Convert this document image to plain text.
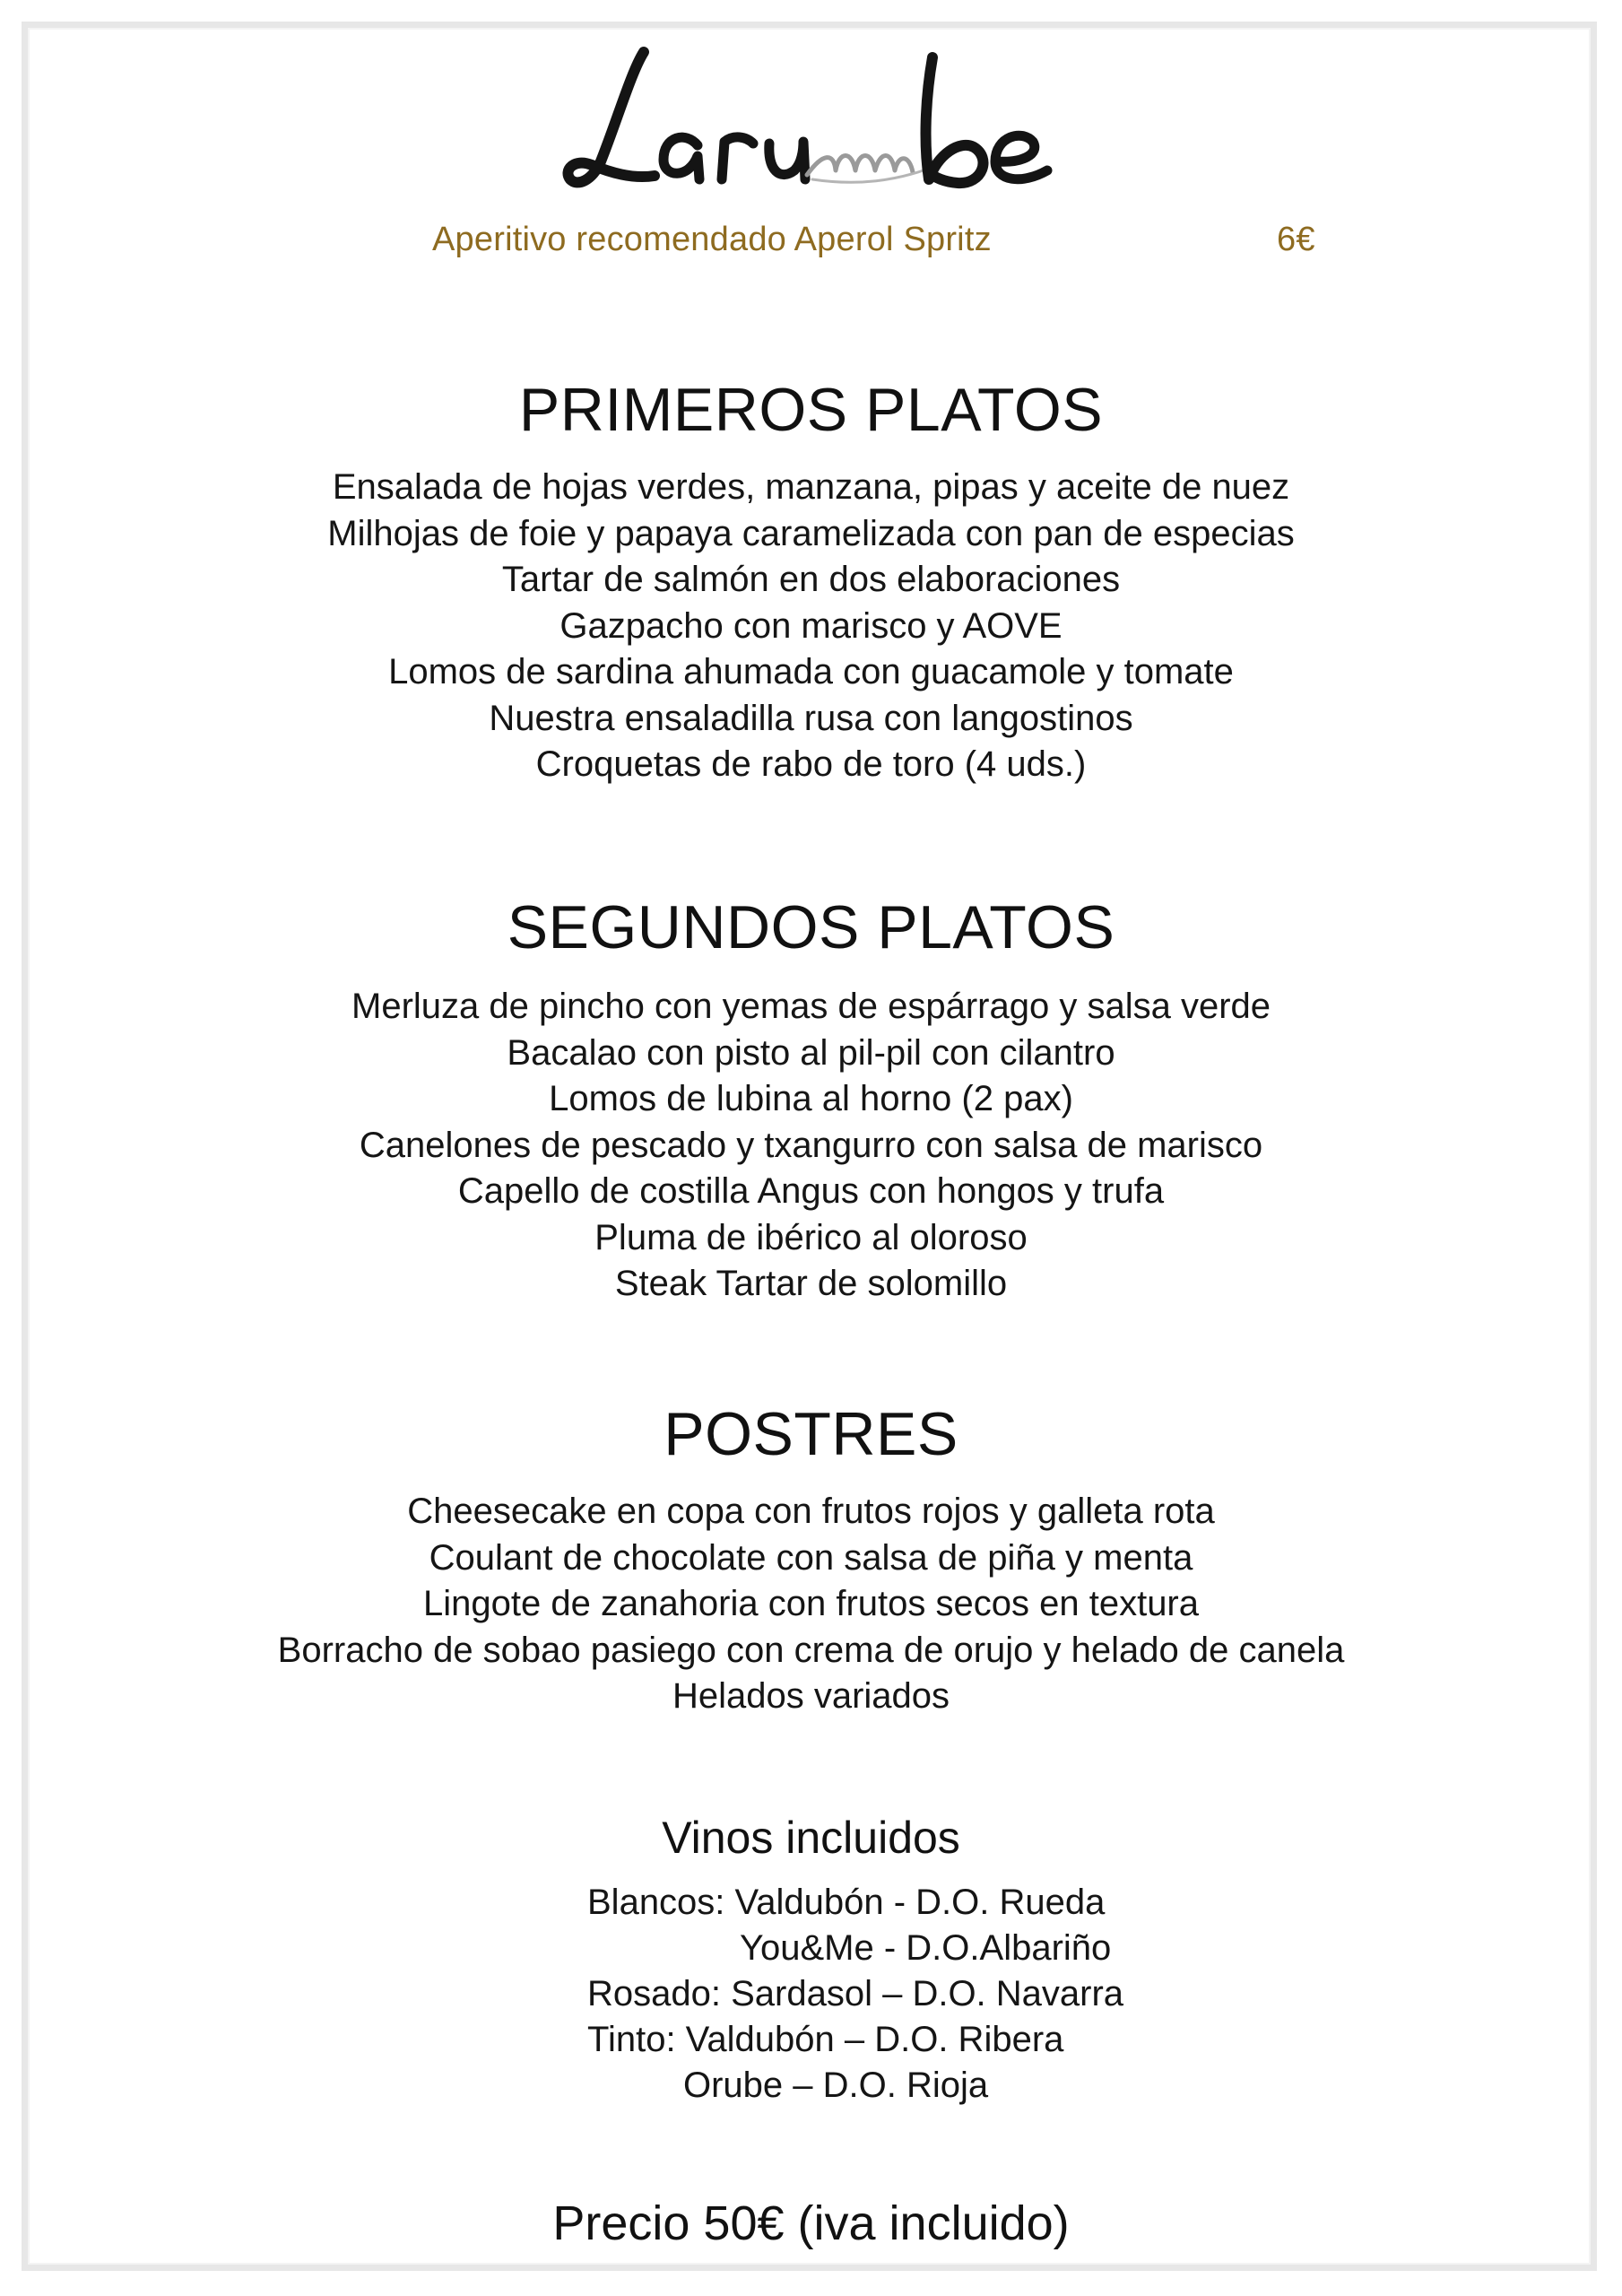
Aperitivo recomendado Aperol Spritz	6€
PRIMEROS PLATOS
Ensalada de hojas verdes, manzana, pipas y aceite de nuez
Milhojas de foie y papaya caramelizada con pan de especias
Tartar de salmón en dos elaboraciones
Gazpacho con marisco y AOVE
Lomos de sardina ahumada con guacamole y tomate
Nuestra ensaladilla rusa con langostinos
Croquetas de rabo de toro (4 uds.)
SEGUNDOS PLATOS
Merluza de pincho con yemas de espárrago y salsa verde
Bacalao con pisto al pil-pil con cilantro
Lomos de lubina al horno (2 pax)
Canelones de pescado y txangurro con salsa de marisco
Capello de costilla Angus con hongos y trufa
Pluma de ibérico al oloroso
Steak Tartar de solomillo
POSTRES
Cheesecake en copa con frutos rojos y galleta rota
Coulant de chocolate con salsa de piña y menta
Lingote de zanahoria con frutos secos en textura
Borracho de sobao pasiego con crema de orujo y helado de canela
Helados variados
Vinos incluidos
Blancos: Valdubón - D.O. Rueda
You&Me - D.O.Albariño
Rosado: Sardasol – D.O. Navarra
Tinto: Valdubón – D.O. Ribera
Orube – D.O. Rioja
Precio 50€ (iva incluido)
